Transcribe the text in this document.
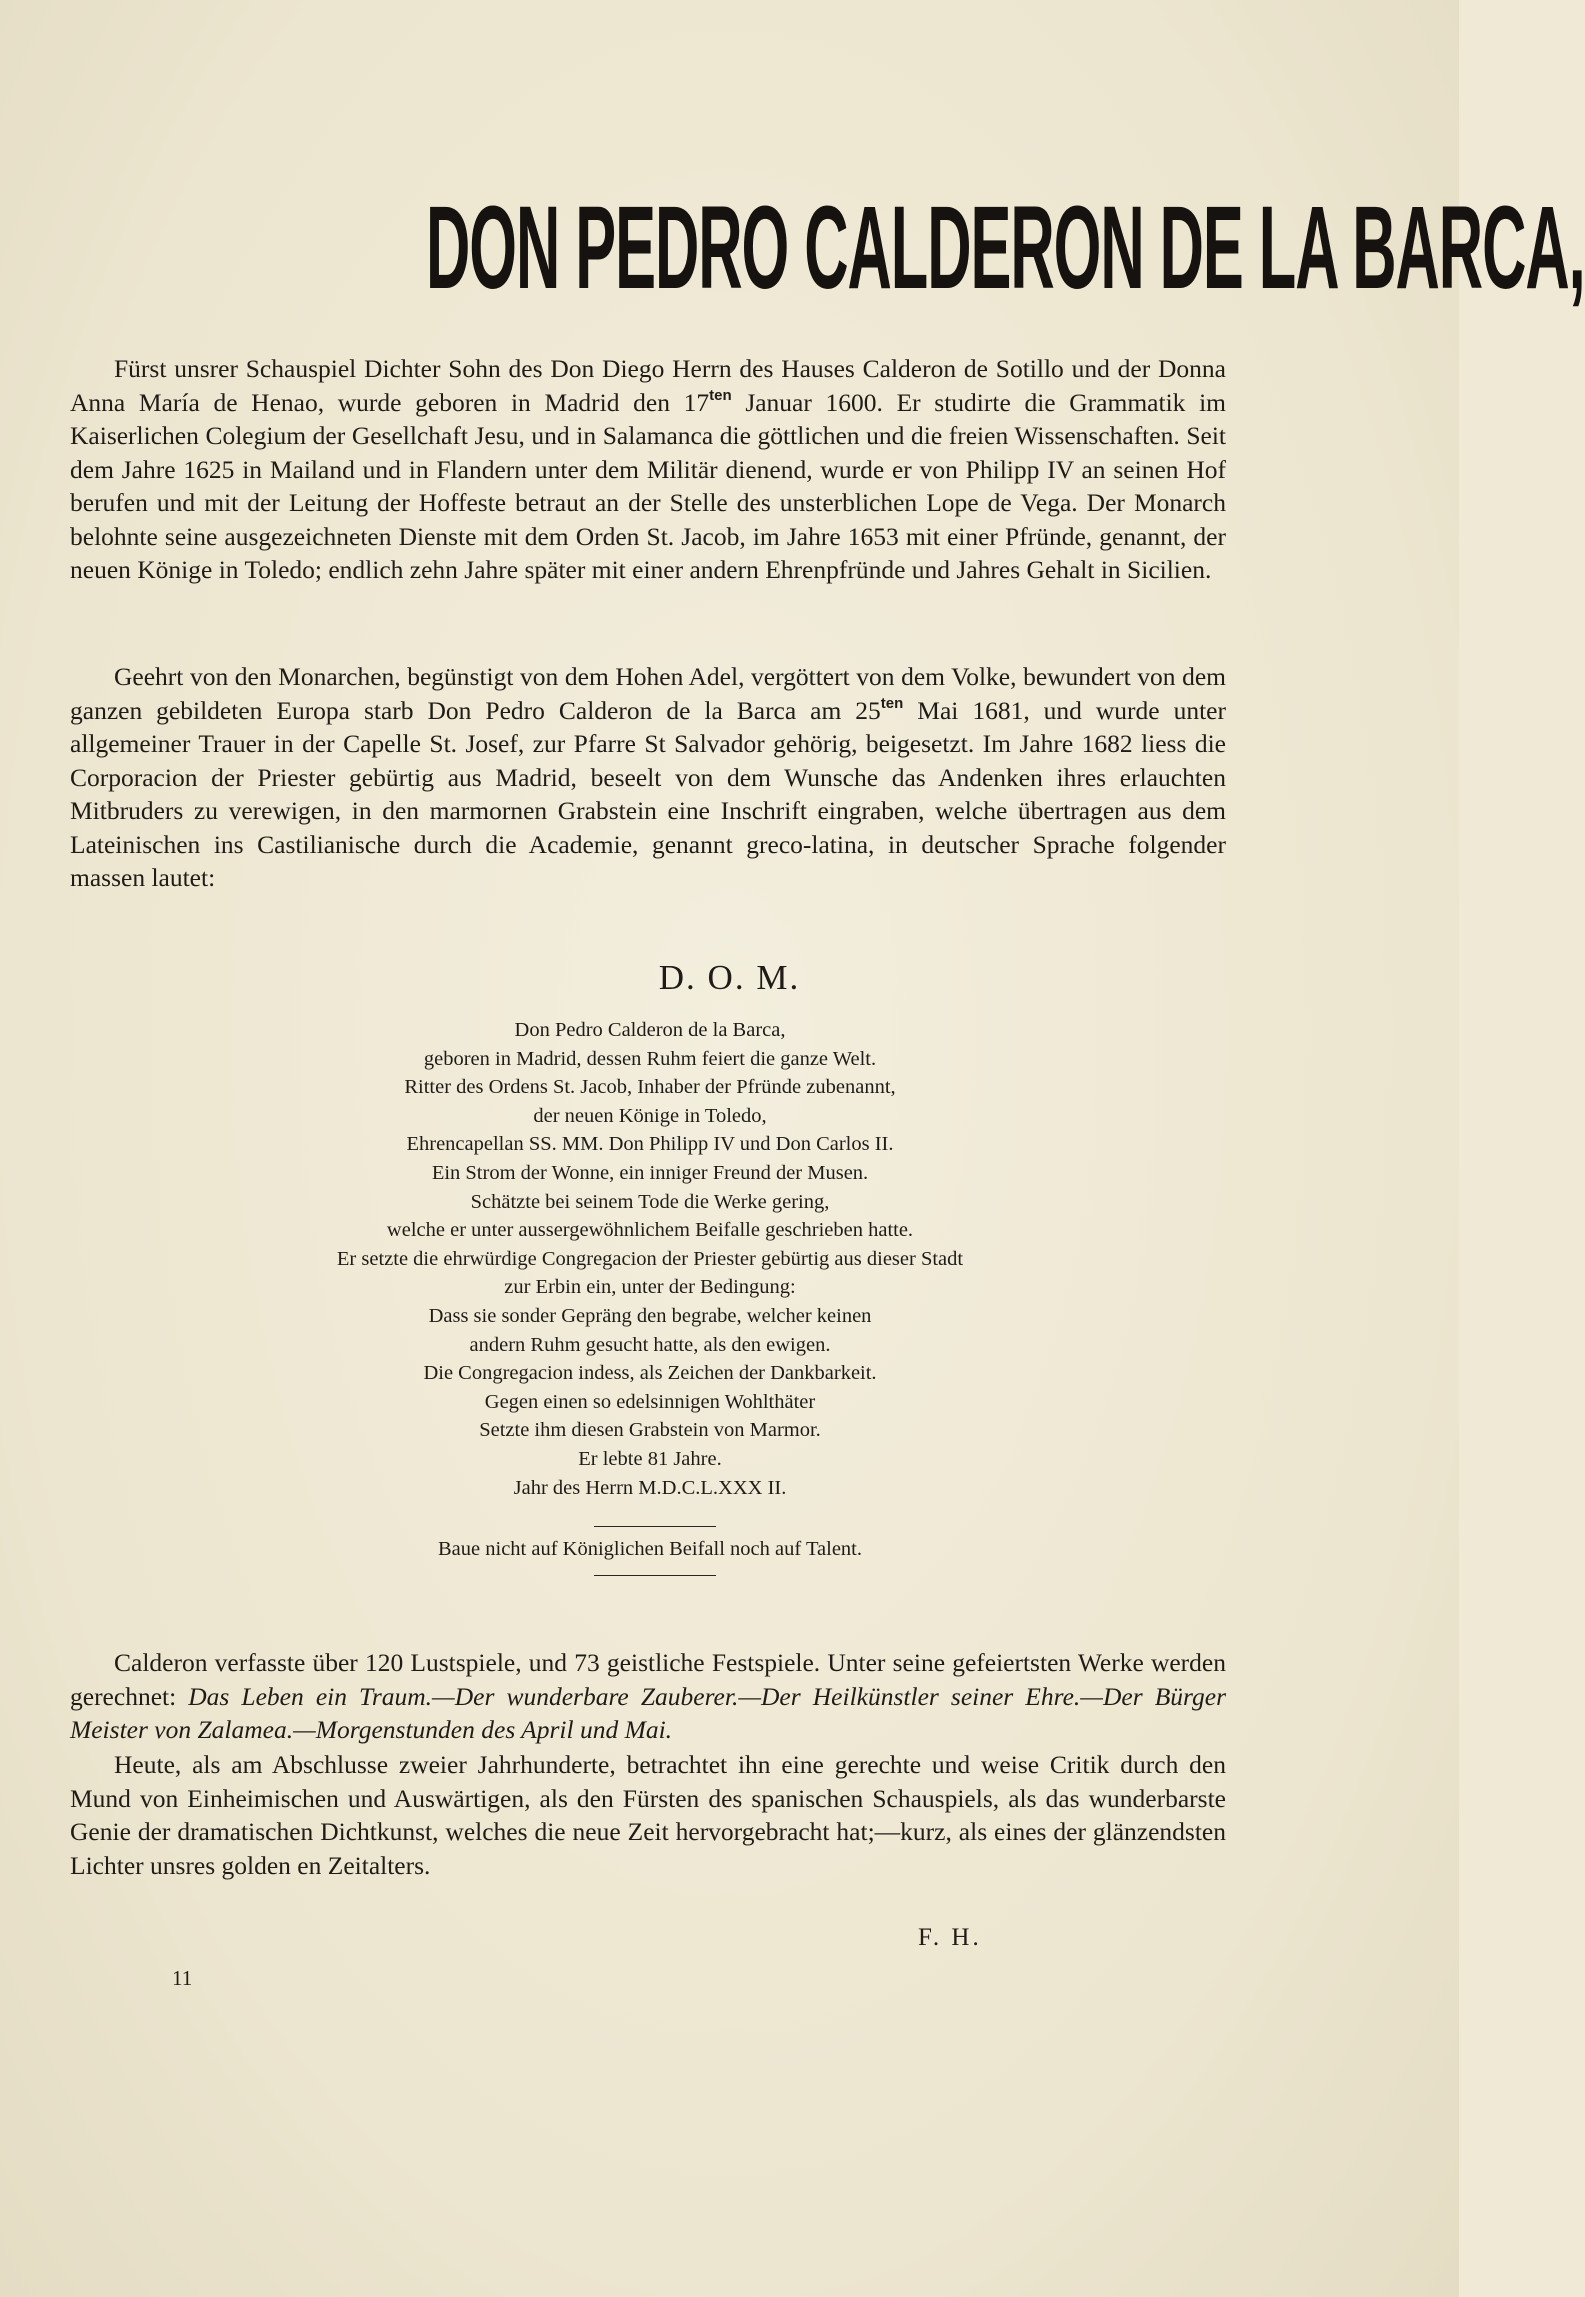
DON PEDRO CALDERON DE LA BARCA,

Fürst unsrer Schauspiel Dichter Sohn des Don Diego Herrn des Hauses Calderon de Sotillo und der Donna Anna María de Henao, wurde geboren in Madrid den $17^{ten}$ Januar 1600. Er studirte die Grammatik im Kaiserlichen Colegium der Gesellchaft Jesu, und in Salamanca die göttlichen und die freien Wissenschaften. Seit dem Jahre 1625 in Mailand und in Flandern unter dem Militär dienend, wurde er von Philipp IV an seinen Hof berufen und mit der Leitung der Hoffeste betraut an der Stelle des unsterblichen Lope de Vega. Der Monarch belohnte seine ausgezeichneten Dienste mit dem Orden St. Jacob, im Jahre 1653 mit einer Pfründe, genannt, der neuen Könige in Toledo; endlich zehn Jahre später mit einer andern Ehrenpfründe und Jahres Gehalt in Sicilien.

Geehrt von den Monarchen, begünstigt von dem Hohen Adel, vergöttert von dem Volke, bewundert von dem ganzen gebildeten Europa starb Don Pedro Calderon de la Barca am $25^{ten}$ Mai 1681, und wurde unter allgemeiner Trauer in der Capelle St. Josef, zur Pfarre St Salvador gehörig, beigesetzt. Im Jahre 1682 liess die Corporacion der Priester gebürtig aus Madrid, beseelt von dem Wunsche das Andenken ihres erlauchten Mitbruders zu verewigen, in den marmornen Grabstein eine Inschrift eingraben, welche übertragen aus dem Lateinischen ins Castilianische durch die Academie, genannt greco-latina, in deutscher Sprache folgender massen lautet:

D. O. M.
Don Pedro Calderon de la Barca,
geboren in Madrid, dessen Ruhm feiert die ganze Welt.
Ritter des Ordens St. Jacob, Inhaber der Pfründe zubenannt,
der neuen Könige in Toledo,
Ehrencapellan SS. MM. Don Philipp IV und Don Carlos II.
Ein Strom der Wonne, ein inniger Freund der Musen.
Schätzte bei seinem Tode die Werke gering,
welche er unter aussergewöhnlichem Beifalle geschrieben hatte.
Er setzte die ehrwürdige Congregacion der Priester gebürtig aus dieser Stadt
zur Erbin ein, unter der Bedingung:
Dass sie sonder Gepräng den begrabe, welcher keinen
andern Ruhm gesucht hatte, als den ewigen.
Die Congregacion indess, als Zeichen der Dankbarkeit.
Gegen einen so edelsinnigen Wohlthäter
Setzte ihm diesen Grabstein von Marmor.
Er lebte 81 Jahre.
Jahr des Herrn M.D.C.L.XXX II.
Baue nicht auf Königlichen Beifall noch auf Talent.

Calderon verfasste über 120 Lustspiele, und 73 geistliche Festspiele. Unter seine gefeiertsten Werke werden gerechnet: Das Leben ein Traum.—Der wunderbare Zauberer.—Der Heilkünstler seiner Ehre.—Der Bürger Meister von Zalamea.—Morgenstunden des April und Mai.

Heute, als am Abschlusse zweier Jahrhunderte, betrachtet ihn eine gerechte und weise Critik durch den Mund von Einheimischen und Auswärtigen, als den Fürsten des spanischen Schauspiels, als das wunderbarste Genie der dramatischen Dichtkunst, welches die neue Zeit hervorgebracht hat;—kurz, als eines der glänzendsten Lichter unsres golden en Zeitalters.

F. H.
11
